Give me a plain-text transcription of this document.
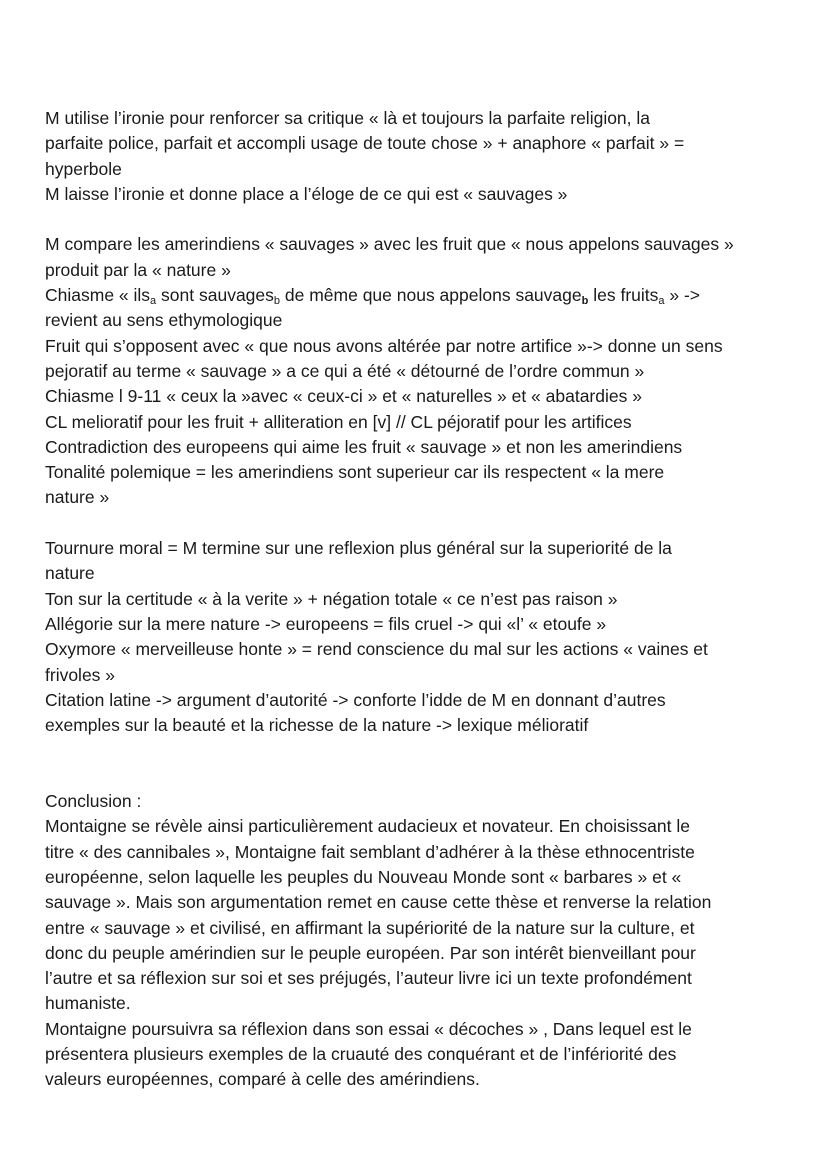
M utilise l’ironie pour renforcer sa critique « là et toujours la parfaite religion, la
parfaite police, parfait et accompli usage de toute chose » + anaphore « parfait » =
hyperbole
M laisse l’ironie et donne place a l’éloge de ce qui est « sauvages »
M compare les amerindiens « sauvages » avec les fruit que « nous appelons sauvages »
produit par la « nature »
Chiasme « ils$_a$ sont sauvages$_b$ de même que nous appelons sauvage$_b$ les fruits$_a$ » ->
revient au sens ethymologique
Fruit qui s’opposent avec « que nous avons altérée par notre artifice »-> donne un sens
pejoratif au terme « sauvage » a ce qui a été « détourné de l’ordre commun »
Chiasme l 9-11 « ceux la »avec « ceux-ci » et « naturelles » et « abatardies »
CL melioratif pour les fruit + alliteration en [v] // CL péjoratif pour les artifices
Contradiction des europeens qui aime les fruit « sauvage » et non les amerindiens
Tonalité polemique = les amerindiens sont superieur car ils respectent « la mere
nature »
Tournure moral = M termine sur une reflexion plus général sur la superiorité de la
nature
Ton sur la certitude « à la verite » + négation totale « ce n’est pas raison »
Allégorie sur la mere nature -> europeens = fils cruel -> qui «l’ « etoufe »
Oxymore « merveilleuse honte » = rend conscience du mal sur les actions « vaines et
frivoles »
Citation latine -> argument d’autorité -> conforte l’idde de M en donnant d’autres
exemples sur la beauté et la richesse de la nature -> lexique mélioratif
Conclusion :
Montaigne se révèle ainsi particulièrement audacieux et novateur. En choisissant le
titre « des cannibales », Montaigne fait semblant d’adhérer à la thèse ethnocentriste
européenne, selon laquelle les peuples du Nouveau Monde sont « barbares » et «
sauvage ». Mais son argumentation remet en cause cette thèse et renverse la relation
entre « sauvage » et civilisé, en affirmant la supériorité de la nature sur la culture, et
donc du peuple amérindien sur le peuple européen. Par son intérêt bienveillant pour
l’autre et sa réflexion sur soi et ses préjugés, l’auteur livre ici un texte profondément
humaniste.
Montaigne poursuivra sa réflexion dans son essai « décoches » , Dans lequel est le
présentera plusieurs exemples de la cruauté des conquérant et de l’infériorité des
valeurs européennes, comparé à celle des amérindiens.
